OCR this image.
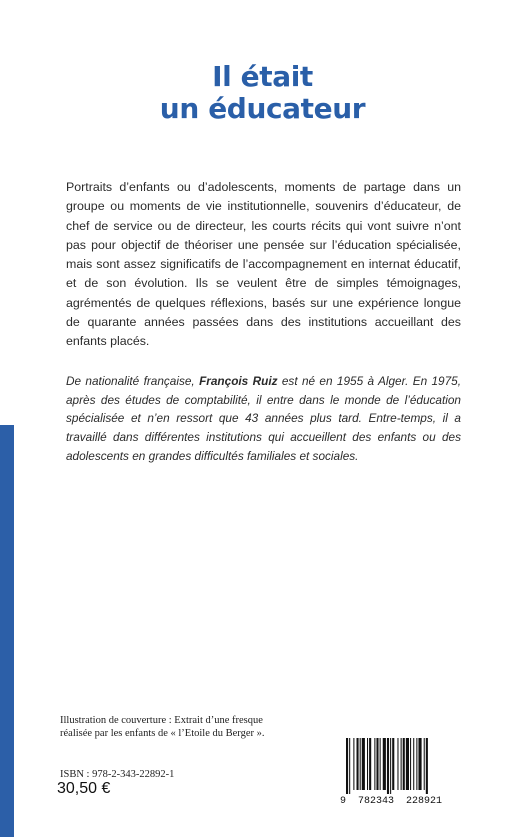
Il était
un éducateur

Portraits d’enfants ou d’adolescents, moments de partage dans un groupe ou moments de vie institutionnelle, souvenirs d’éducateur, de chef de service ou de directeur, les courts récits qui vont suivre n’ont pas pour objectif de théoriser une pensée sur l’éducation spécialisée, mais sont assez significatifs de l’accompagnement en internat éducatif, et de son évolution. Ils se veulent être de simples témoignages, agrémentés de quelques réflexions, basés sur une expérience longue de quarante années passées dans des institutions accueillant des enfants placés.

De nationalité française, François Ruiz est né en 1955 à Alger. En 1975, après des études de comptabilité, il entre dans le monde de l’éducation spécialisée et n’en ressort que 43 années plus tard. Entre-temps, il a travaillé dans différentes institutions qui accueillent des enfants ou des adolescents en grandes difficultés familiales et sociales.

Illustration de couverture : Extrait d’une fresque
réalisée par les enfants de « l’Etoile du Berger ».
ISBN : 978-2-343-22892-1
30,50 €
9  782343  228921
